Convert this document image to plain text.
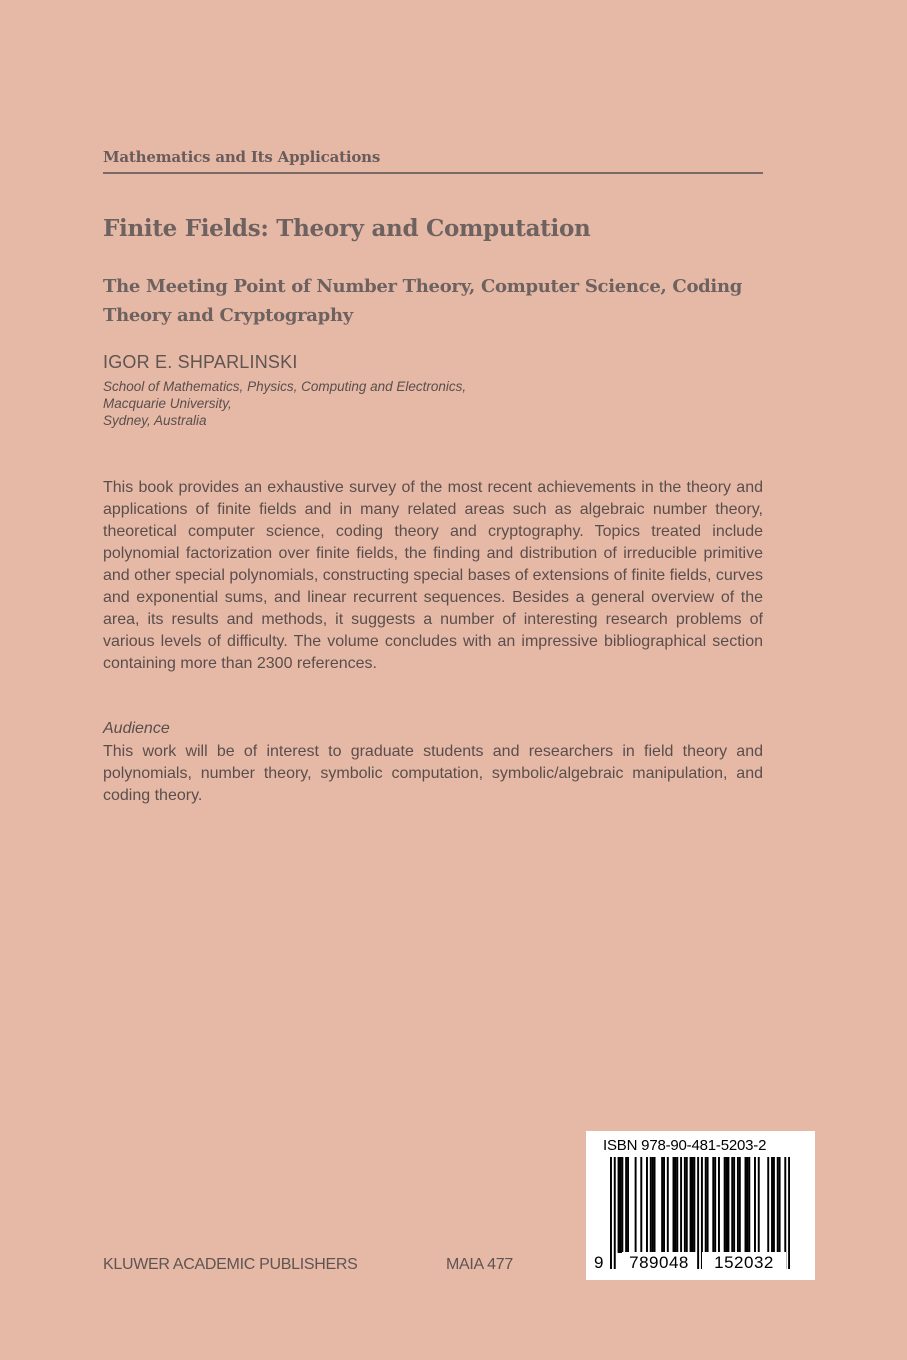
Mathematics and Its Applications
Finite Fields: Theory and Computation
The Meeting Point of Number Theory, Computer Science, Coding Theory and Cryptography
IGOR E. SHPARLINSKI
School of Mathematics, Physics, Computing and Electronics,
Macquarie University,
Sydney, Australia

This book provides an exhaustive survey of the most recent achievements in the theory and applications of finite fields and in many related areas such as algebraic number theory, theoretical computer science, coding theory and cryptography. Topics treated include polynomial factorization over finite fields, the finding and distribution of irreducible primitive and other special polynomials, constructing special bases of extensions of finite fields, curves and exponential sums, and linear recurrent sequences. Besides a general overview of the area, its results and methods, it suggests a number of interesting research problems of various levels of difficulty. The volume concludes with an impressive bibliographical section containing more than 2300 references.

Audience

This work will be of interest to graduate students and researchers in field theory and polynomials, number theory, symbolic computation, symbolic/algebraic manipulation, and coding theory.

KLUWER ACADEMIC PUBLISHERS	MAIA 477
ISBN 978-90-481-5203-2
9	789048	152032
